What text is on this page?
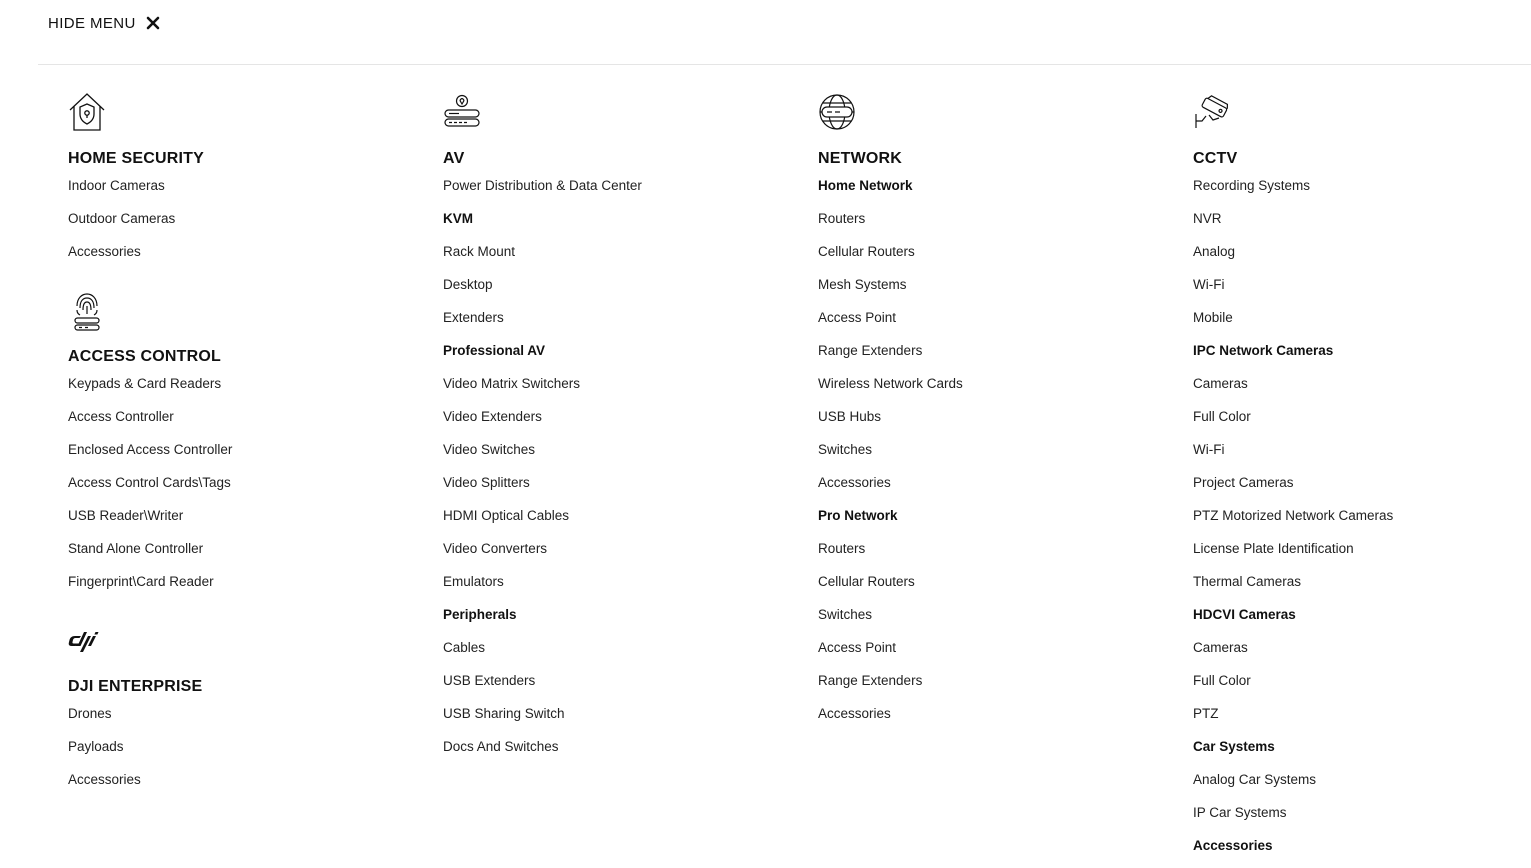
HIDE MENU
HOME SECURITY
Indoor Cameras
Outdoor Cameras
Accessories
ACCESS CONTROL
Keypads & Card Readers
Access Controller
Enclosed Access Controller
Access Control Cards\Tags
USB Reader\Writer
Stand Alone Controller
Fingerprint\Card Reader
DJI ENTERPRISE
Drones
Payloads
Accessories
AV
Power Distribution & Data Center
KVM
Rack Mount
Desktop
Extenders
Professional AV
Video Matrix Switchers
Video Extenders
Video Switches
Video Splitters
HDMI Optical Cables
Video Converters
Emulators
Peripherals
Cables
USB Extenders
USB Sharing Switch
Docs And Switches
NETWORK
Home Network
Routers
Cellular Routers
Mesh Systems
Access Point
Range Extenders
Wireless Network Cards
USB Hubs
Switches
Accessories
Pro Network
Routers
Cellular Routers
Switches
Access Point
Range Extenders
Accessories
CCTV
Recording Systems
NVR
Analog
Wi-Fi
Mobile
IPC Network Cameras
Cameras
Full Color
Wi-Fi
Project Cameras
PTZ Motorized Network Cameras
License Plate Identification
Thermal Cameras
HDCVI Cameras
Cameras
Full Color
PTZ
Car Systems
Analog Car Systems
IP Car Systems
Accessories
